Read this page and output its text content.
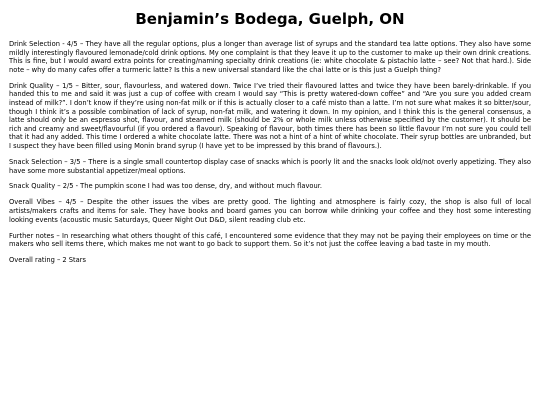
Benjamin’s Bodega, Guelph, ON

Drink Selection - 4/5 – They have all the regular options, plus a longer than average list of syrups and the standard tea latte options. They also have some mildly interestingly flavoured lemonade/cold drink options. My one complaint is that they leave it up to the customer to make up their own drink creations. This is fine, but I would award extra points for creating/naming specialty drink creations (ie: white chocolate & pistachio latte – see? Not that hard.). Side note – why do many cafes offer a turmeric latte? Is this a new universal standard like the chai latte or is this just a Guelph thing?

Drink Quality – 1/5 – Bitter, sour, flavourless, and watered down. Twice I’ve tried their flavoured lattes and twice they have been barely-drinkable. If you handed this to me and said it was just a cup of coffee with cream I would say “This is pretty watered-down coffee” and “Are you sure you added cream instead of milk?”. I don’t know if they’re using non-fat milk or if this is actually closer to a café misto than a latte. I’m not sure what makes it so bitter/sour, though I think it’s a possible combination of lack of syrup, non-fat milk, and watering it down. In my opinion, and I think this is the general consensus, a latte should only be an espresso shot, flavour, and steamed milk (should be 2% or whole milk unless otherwise specified by the customer). It should be rich and creamy and sweet/flavourful (if you ordered a flavour). Speaking of flavour, both times there has been so little flavour I’m not sure you could tell that it had any added. This time I ordered a white chocolate latte. There was not a hint of a hint of white chocolate. Their syrup bottles are unbranded, but I suspect they have been filled using Monin brand syrup (I have yet to be impressed by this brand of flavours.).

Snack Selection – 3/5 – There is a single small countertop display case of snacks which is poorly lit and the snacks look old/not overly appetizing. They also have some more substantial appetizer/meal options.

Snack Quality – 2/5 - The pumpkin scone I had was too dense, dry, and without much flavour.

Overall Vibes – 4/5 – Despite the other issues the vibes are pretty good. The lighting and atmosphere is fairly cozy, the shop is also full of local artists/makers crafts and items for sale. They have books and board games you can borrow while drinking your coffee and they host some interesting looking events (acoustic music Saturdays, Queer Night Out D&D, silent reading club etc.

Further notes – In researching what others thought of this café, I encountered some evidence that they may not be paying their employees on time or the makers who sell items there, which makes me not want to go back to support them. So it’s not just the coffee leaving a bad taste in my mouth.

Overall rating – 2 Stars
